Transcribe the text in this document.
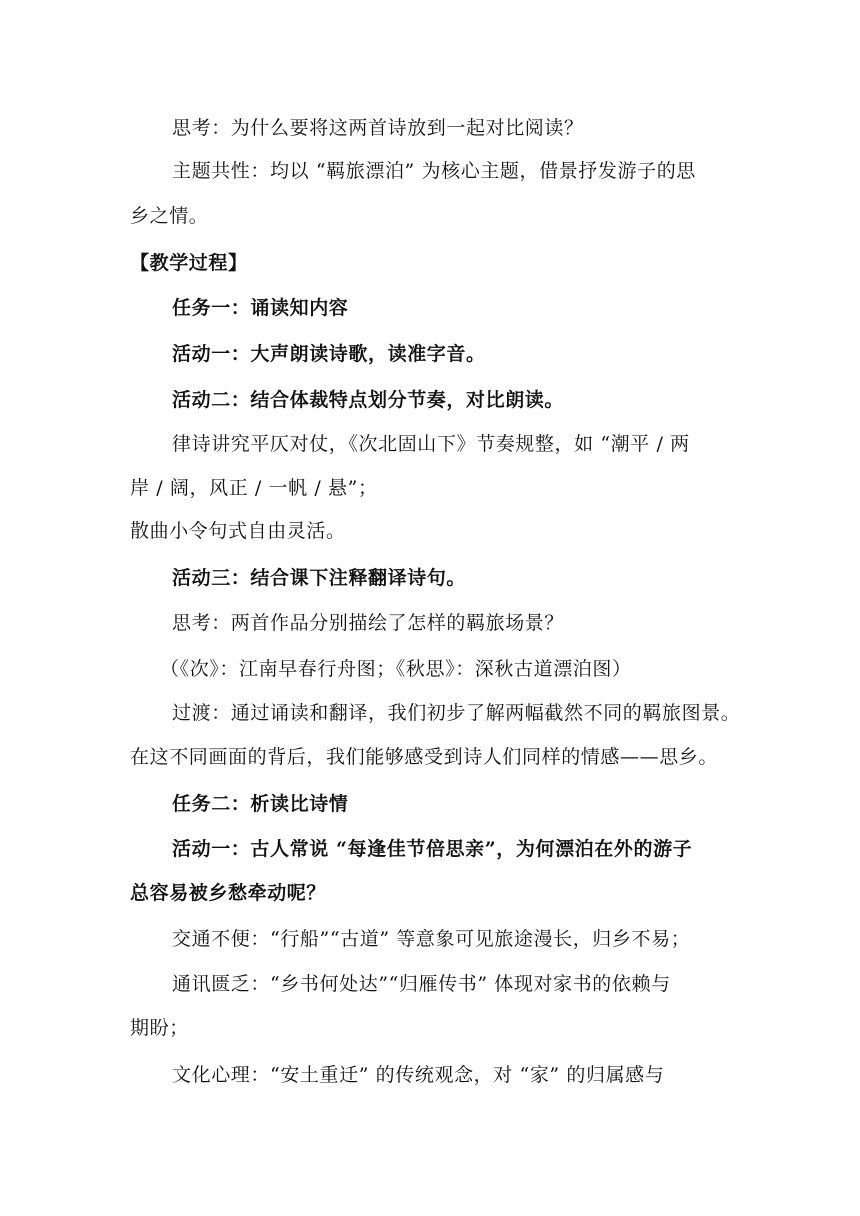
思考：为什么要将这两首诗放到一起对比阅读？
主题共性：均以 “羁旅漂泊” 为核心主题，借景抒发游子的思
乡之情。
【教学过程】
任务一：诵读知内容
活动一：大声朗读诗歌，读准字音。
活动二：结合体裁特点划分节奏，对比朗读。
律诗讲究平仄对仗，《次北固山下》节奏规整，如 “潮平 / 两
岸 / 阔，风正 / 一帆 / 悬”；
散曲小令句式自由灵活。
活动三：结合课下注释翻译诗句。
思考：两首作品分别描绘了怎样的羁旅场景？
（《次》：江南早春行舟图；《秋思》：深秋古道漂泊图）
过渡：通过诵读和翻译，我们初步了解两幅截然不同的羁旅图景。
在这不同画面的背后，我们能够感受到诗人们同样的情感——思乡。
任务二：析读比诗情
活动一：古人常说 “每逢佳节倍思亲”，为何漂泊在外的游子
总容易被乡愁牵动呢？
交通不便：“行船”“古道” 等意象可见旅途漫长，归乡不易；
通讯匮乏：“乡书何处达”“归雁传书” 体现对家书的依赖与
期盼；
文化心理：“安土重迁” 的传统观念，对 “家” 的归属感与
